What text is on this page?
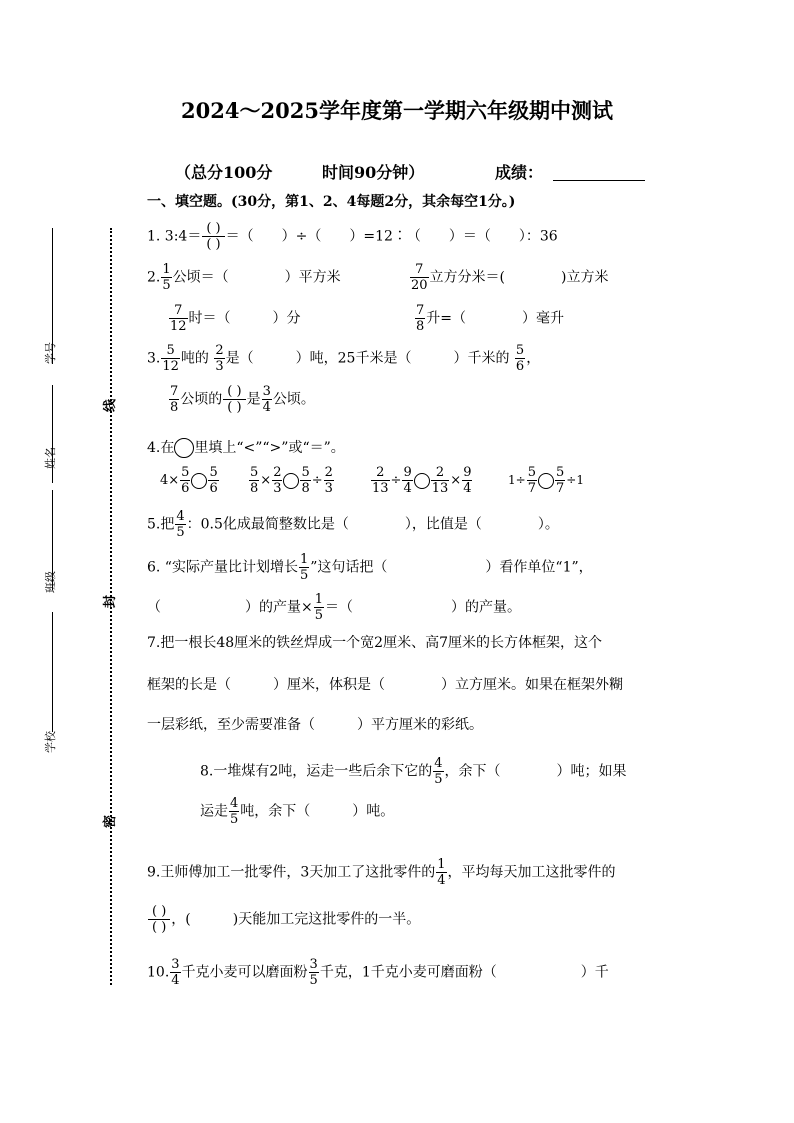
2024～2025学年度第一学期六年级期中测试
（总分100分	时间90分钟）	成绩：
学号
姓名
班级
学校
线
封
密
一、填空题。(30分，第1、2、4每题2分，其余每空1分。)
1. 3:4＝ $\frac{( )}{( )}$ ＝（　　）÷（　　）=12∶（　　）＝（　　）：36
2. $\frac{1}{5}$ 公顷＝（　　　　）平方米	$\frac{7}{20}$ 立方分米＝(　　　　)立方米
$\frac{7}{12}$ 时＝（　　　）分	$\frac{7}{8}$ 升=（　　　　）毫升
3. $\frac{5}{12}$ 吨的 $\frac{2}{3}$ 是（　　　）吨，25千米是（　　　）千米的 $\frac{5}{6}$ ，
$\frac{7}{8}$ 公顷的 $\frac{( )}{( )}$ 是 $\frac{3}{4}$ 公顷。
4.在 里填上“<”“>”或“＝”。
$4\times \frac{5}{6} \frac{5}{6} \frac{5}{8} \times \frac{2}{3} \frac{5}{8} \div \frac{2}{3}$	$\frac{2}{13} \div \frac{9}{4} \frac{2}{13} \times \frac{9}{4}$	$1\div \frac{5}{7} \frac{5}{7} \div 1$
5.把 $\frac{4}{5}$ ：0.5化成最简整数比是（　　　　），比值是（　　　　）。
6. “实际产量比计划增长 $\frac{1}{5}$ ”这句话把（　　　　　　　）看作单位“1”，
（　　　　　　）的产量× $\frac{1}{5}$ ＝（　　　　　　　）的产量。
7.把一根长48厘米的铁丝焊成一个宽2厘米、高7厘米的长方体框架，这个
框架的长是（　　　）厘米，体积是（　　　　）立方厘米。如果在框架外糊
一层彩纸，至少需要准备（　　　）平方厘米的彩纸。
8.一堆煤有2吨，运走一些后余下它的 $\frac{4}{5}$ ，余下（　　　　）吨；如果
运走 $\frac{4}{5}$ 吨，余下（　　　）吨。
9.王师傅加工一批零件，3天加工了这批零件的 $\frac{1}{4}$ ，平均每天加工这批零件的
$\frac{( )}{( )}$ ，(　　　)天能加工完这批零件的一半。
10. $\frac{3}{4}$ 千克小麦可以磨面粉 $\frac{3}{5}$ 千克，1千克小麦可磨面粉（　　　　　　）千
